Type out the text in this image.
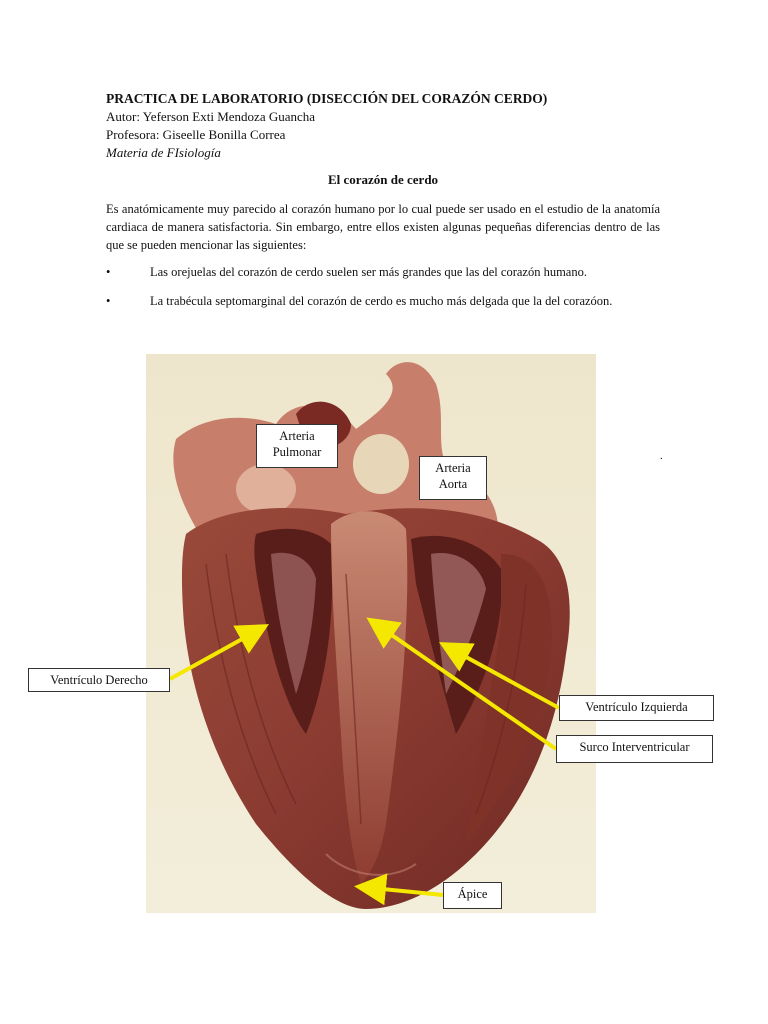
PRACTICA DE LABORATORIO (DISECCIÓN DEL CORAZÓN CERDO)
Autor: Yeferson Exti Mendoza Guancha
Profesora: Giseelle Bonilla Correa
Materia de FIsiología
El corazón de cerdo
Es anatómicamente muy parecido al corazón humano por lo cual puede ser usado en el estudio de la anatomía cardiaca de manera satisfactoria. Sin embargo, entre ellos existen algunas pequeñas diferencias dentro de las que se pueden mencionar las siguientes:
•	Las orejuelas del corazón de cerdo suelen ser más grandes que las del corazón humano.
•	La trabécula septomarginal del corazón de cerdo es mucho más delgada que la del corazóon.
Arteria
Pulmonar
Arteria
Aorta
Ventrículo Derecho
Ventrículo Izquierda
Surco Interventricular
Ápice
.
